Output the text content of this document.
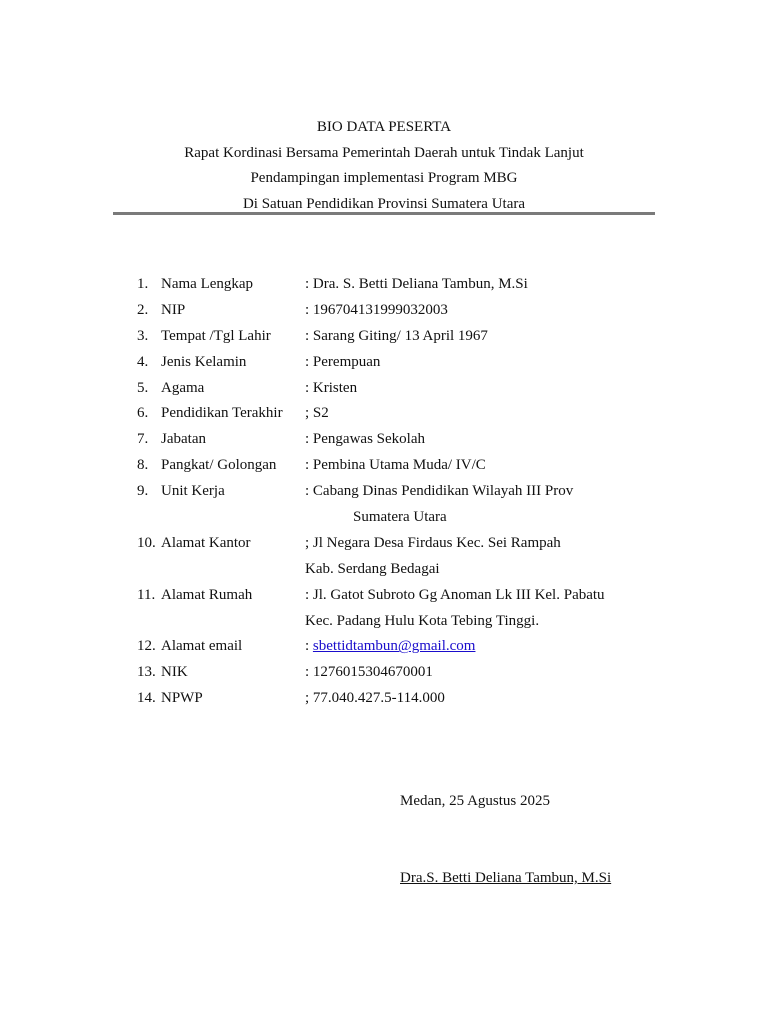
BIO DATA PESERTA
Rapat Kordinasi Bersama Pemerintah Daerah untuk Tindak Lanjut
Pendampingan implementasi Program MBG
Di Satuan Pendidikan Provinsi Sumatera Utara
1. Nama Lengkap	: Dra. S. Betti Deliana Tambun, M.Si
2. NIP	: 196704131999032003
3. Tempat /Tgl Lahir : Sarang Giting/ 13 April 1967
4. Jenis Kelamin	: Perempuan
5. Agama	: Kristen
6. Pendidikan Terakhir ; S2
7. Jabatan	: Pengawas Sekolah
8. Pangkat/ Golongan : Pembina Utama Muda/ IV/C
9. Unit Kerja	: Cabang Dinas Pendidikan Wilayah III Prov
Sumatera Utara
10. Alamat Kantor	; Jl Negara Desa Firdaus Kec. Sei Rampah
Kab. Serdang Bedagai
11. Alamat Rumah	: Jl. Gatot Subroto Gg Anoman Lk III Kel. Pabatu
Kec. Padang Hulu Kota Tebing Tinggi.
12. Alamat email	: sbettidtambun@gmail.com
13. NIK	: 1276015304670001
14. NPWP	; 77.040.427.5-114.000
Medan, 25 Agustus 2025
Dra.S. Betti Deliana Tambun, M.Si
